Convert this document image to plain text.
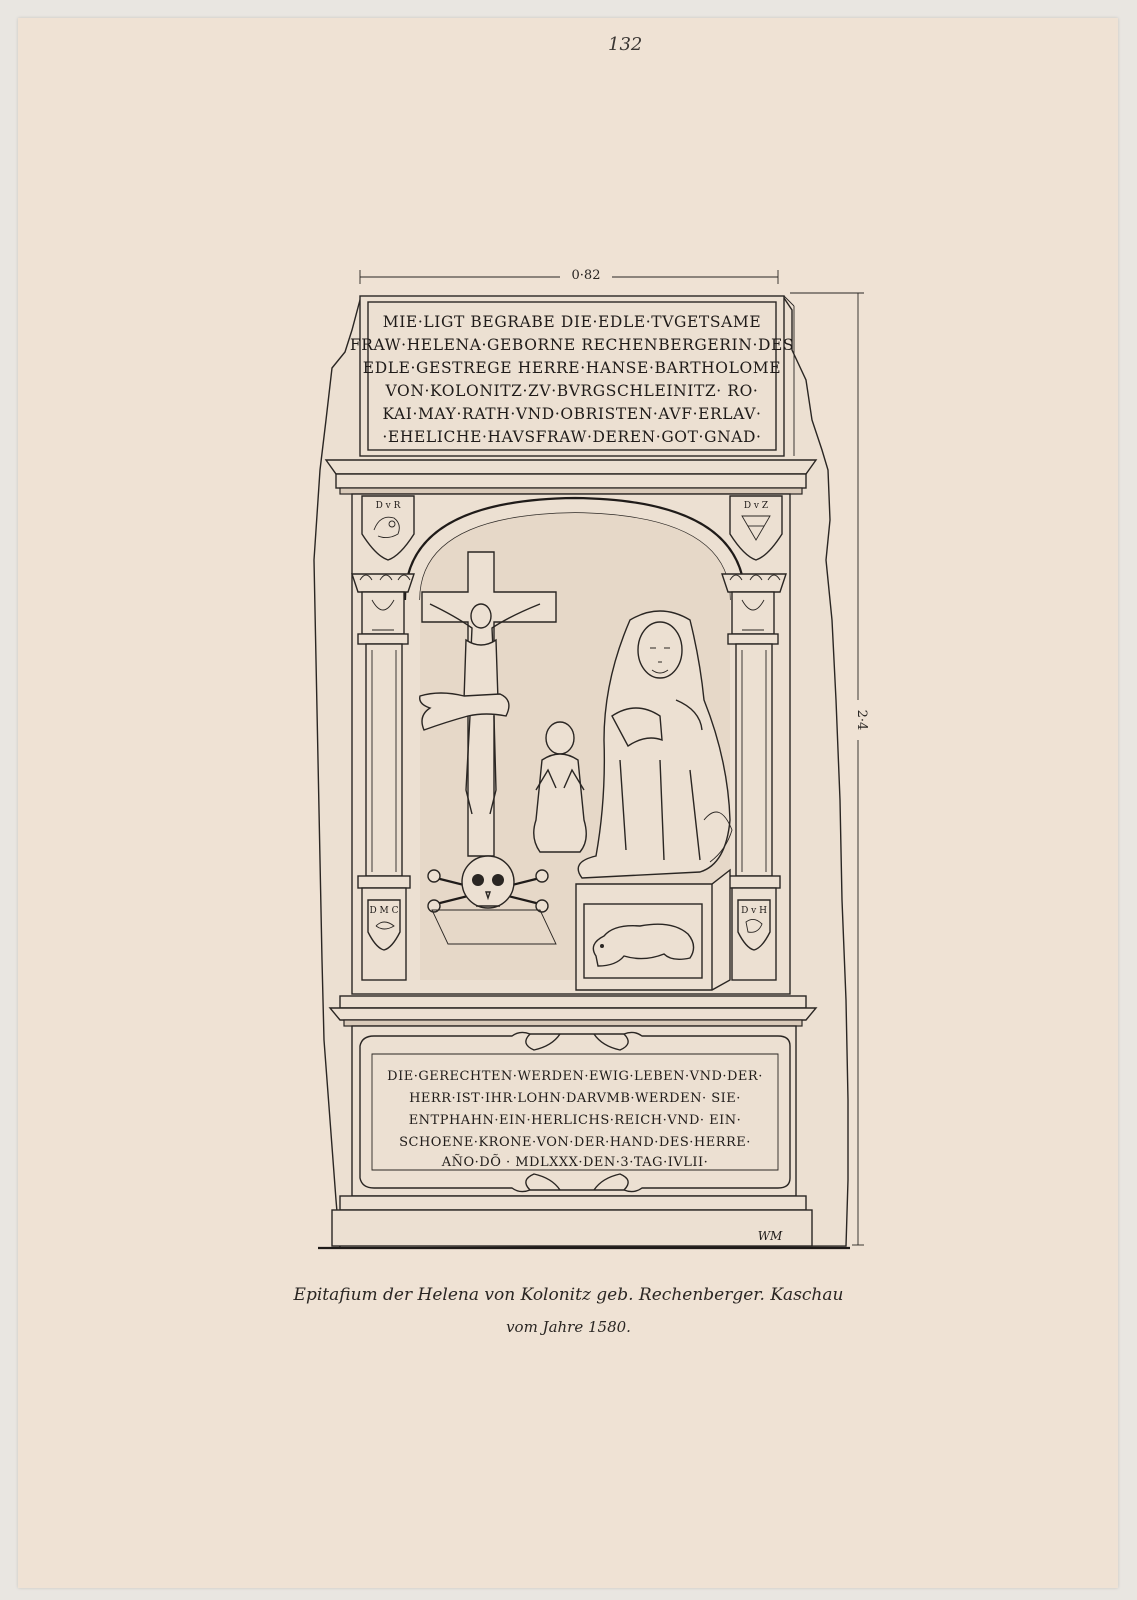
132
0·82
2·4
MIE·LIGT BEGRABE DIE·EDLE·TVGETSAME
FRAW·HELENA·GEBORNE RECHENBERGERIN·DES
EDLE·GESTREGE HERRE·HANSE·BARTHOLOME
VON·KOLONITZ·ZV·BVRGSCHLEINITZ· RO·
KAI·MAY·RATH·VND·OBRISTEN·AVF·ERLAV·
·EHELICHE·HAVSFRAW·DEREN·GOT·GNAD·
D v R	D v Z
D M C	D v H
DIE·GERECHTEN·WERDEN·EWIG·LEBEN·VND·DER·
HERR·IST·IHR·LOHN·DARVMB·WERDEN· SIE·
ENTPHAHN·EIN·HERLICHS·REICH·VND· EIN·
SCHOENE·KRONE·VON·DER·HAND·DES·HERRE·
AÑO·DÕ · MDLXXX·DEN·3·TAG·IVLII·
WM
Epitafium der Helena von Kolonitz geb. Rechenberger. Kaschau
vom Jahre 1580.
